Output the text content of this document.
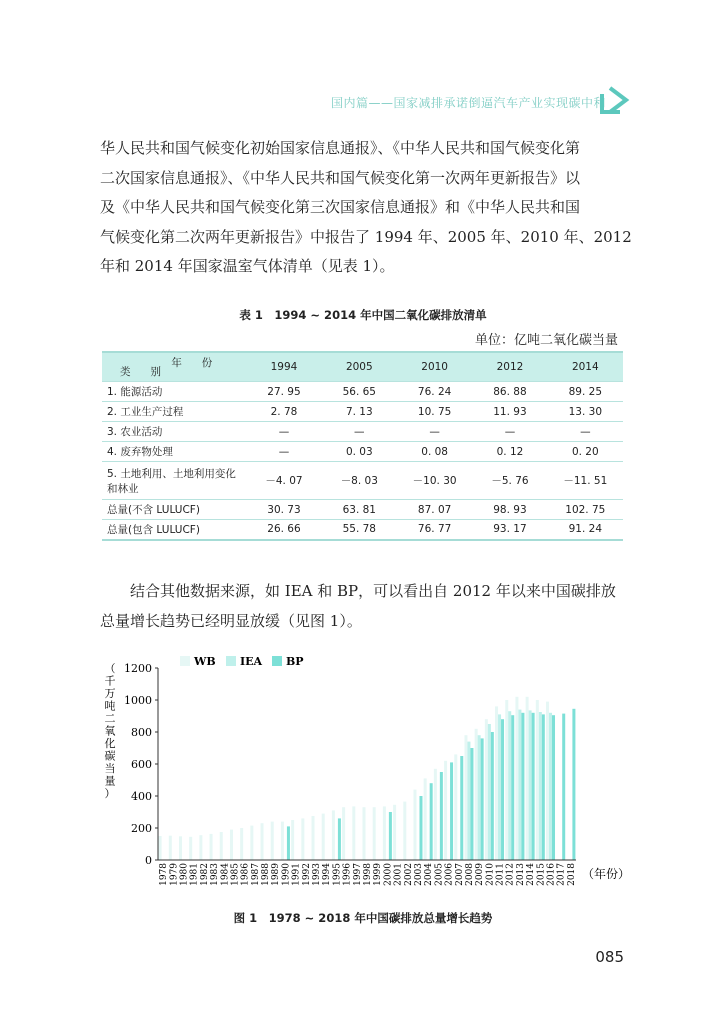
国内篇——国家减排承诺倒逼汽车产业实现碳中和

华人民共和国气候变化初始国家信息通报》、《中华人民共和国气候变化第

二次国家信息通报》、《中华人民共和国气候变化第一次两年更新报告》以

及《中华人民共和国气候变化第三次国家信息通报》和《中华人民共和国

气候变化第二次两年更新报告》中报告了 1994 年、2005 年、2010 年、2012

年和 2014 年国家温室气体清单（见表 1）。

表 1　1994 ~ 2014 年中国二氧化碳排放清单
单位：亿吨二氧化碳当量
年份
类别	1994	2005	2010	2012	2014
1. 能源活动	27. 95	56. 65	76. 24	86. 88	89. 25
2. 工业生产过程	2. 78	7. 13	10. 75	11. 93	13. 30
3. 农业活动	—	—	—	—	—
4. 废弃物处理	—	0. 03	0. 08	0. 12	0. 20
5. 土地利用、土地利用变化和林业	－4. 07	－8. 03	－10. 30	－5. 76	－11. 51
总量(不含 LULUCF)	30. 73	63. 81	87. 07	98. 93	102. 75
总量(包含 LULUCF)	26. 66	55. 78	76. 77	93. 17	91. 24

结合其他数据来源，如 IEA 和 BP，可以看出自 2012 年以来中国碳排放

总量增长趋势已经明显放缓（见图 1）。

（千万吨二氧化碳当量）
0
200
400
600
800
1000
1200
1978 1979 1980 1981 1982 1983 1984 1985 1986 1987 1988 1989 1990 1991 1992 1993 1994 1995 1996 1997 1998 1999 2000 2001 2002 2003 2004 2005 2006 2007 2008 2009 2010 2011 2012 2013 2014 2015 2016 2017 2018 （年份）
WB IEA BP
图 1　1978 ~ 2018 年中国碳排放总量增长趋势
085
